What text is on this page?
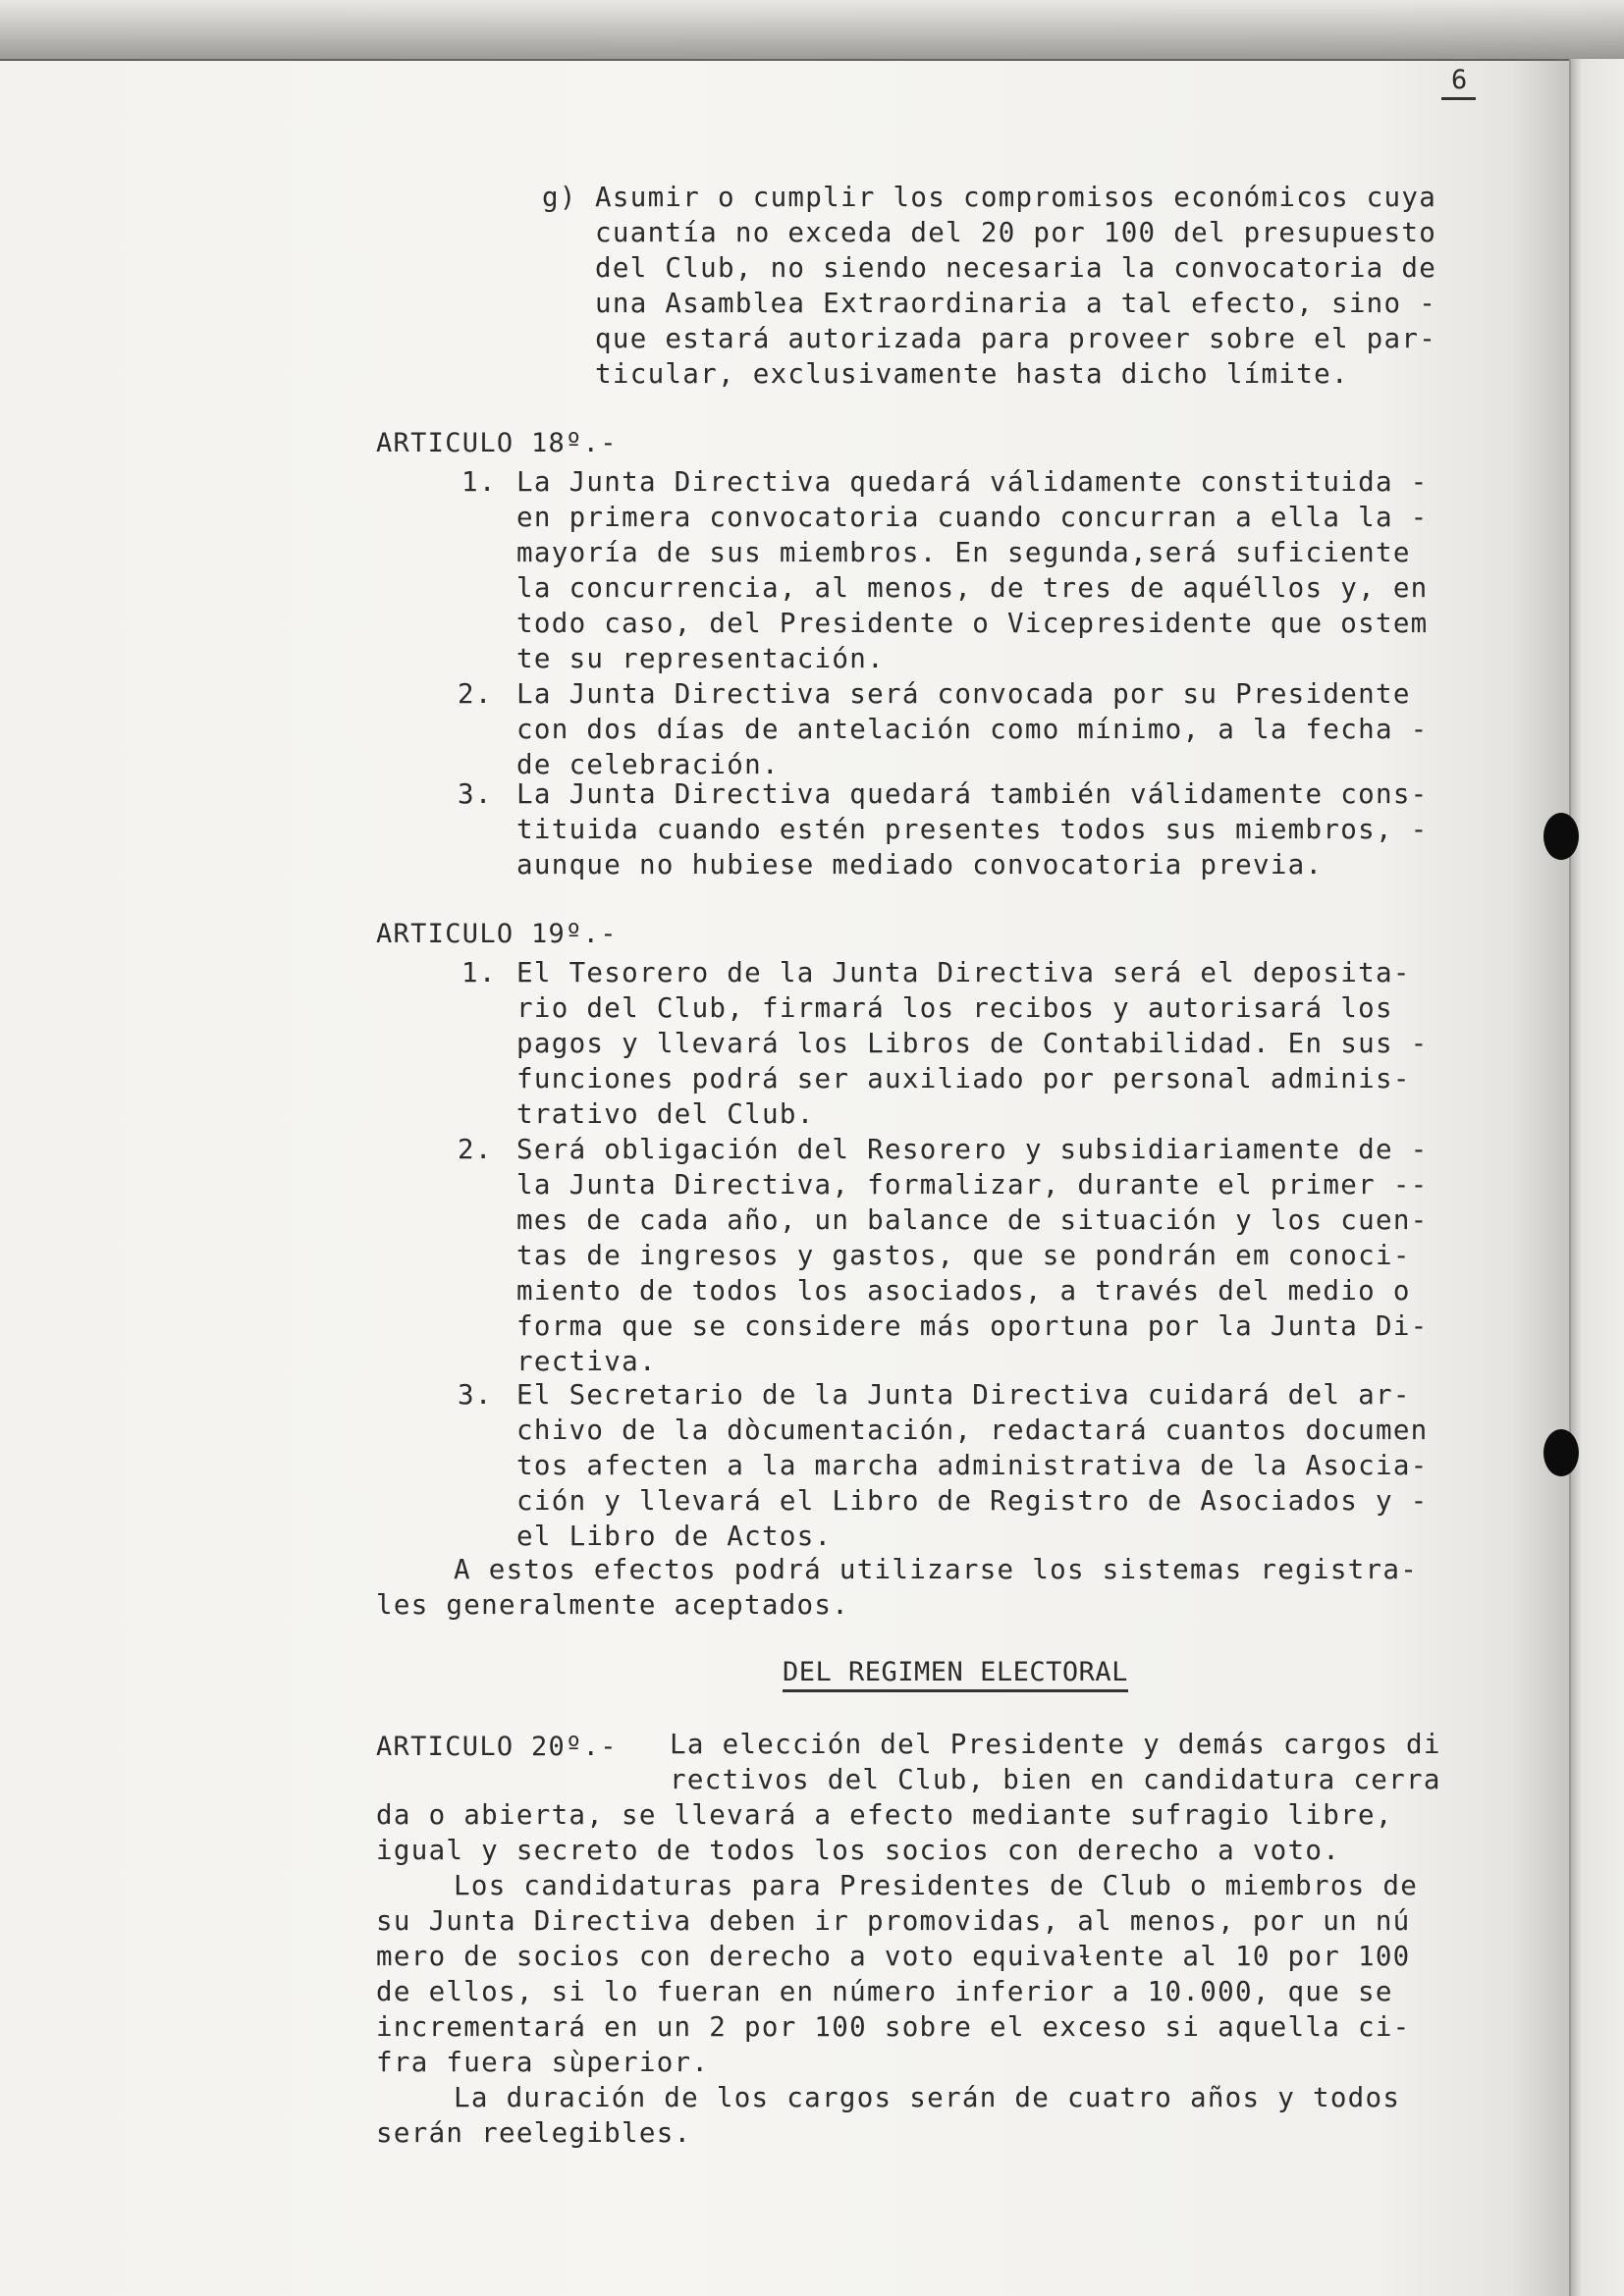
6
g) Asumir o cumplir los compromisos económicos cuya
cuantía no exceda del 20 por 100 del presupuesto
del Club, no siendo necesaria la convocatoria de
una Asamblea Extraordinaria a tal efecto, sino -
que estará autorizada para proveer sobre el par-
ticular, exclusivamente hasta dicho límite.
ARTICULO 18º.-
1. La Junta Directiva quedará válidamente constituida -
en primera convocatoria cuando concurran a ella la -
mayoría de sus miembros. En segunda,será suficiente
la concurrencia, al menos, de tres de aquéllos y, en
todo caso, del Presidente o Vicepresidente que ostem
te su representación.
2. La Junta Directiva será convocada por su Presidente
con dos días de antelación como mínimo, a la fecha -
de celebración.
3. La Junta Directiva quedará también válidamente cons-
tituida cuando estén presentes todos sus miembros, -
aunque no hubiese mediado convocatoria previa.
ARTICULO 19º.-
1. El Tesorero de la Junta Directiva será el deposita-
rio del Club, firmará los recibos y autorisará los
pagos y llevará los Libros de Contabilidad. En sus -
funciones podrá ser auxiliado por personal adminis-
trativo del Club.
2. Será obligación del Resorero y subsidiariamente de -
la Junta Directiva, formalizar, durante el primer --
mes de cada año, un balance de situación y los cuen-
tas de ingresos y gastos, que se pondrán em conoci-
miento de todos los asociados, a través del medio o
forma que se considere más oportuna por la Junta Di-
rectiva.
3. El Secretario de la Junta Directiva cuidará del ar-
chivo de la dòcumentación, redactará cuantos documen
tos afecten a la marcha administrativa de la Asocia-
ción y llevará el Libro de Registro de Asociados y -
el Libro de Actos.
A estos efectos podrá utilizarse los sistemas registra-
les generalmente aceptados.
DEL REGIMEN ELECTORAL
ARTICULO 20º.- La elección del Presidente y demás cargos di
rectivos del Club, bien en candidatura cerra
da o abierta, se llevará a efecto mediante sufragio libre,
igual y secreto de todos los socios con derecho a voto.
Los candidaturas para Presidentes de Club o miembros de
su Junta Directiva deben ir promovidas, al menos, por un nú
mero de socios con derecho a voto equivaƚente al 10 por 100
de ellos, si lo fueran en número inferior a 10.000, que se
incrementará en un 2 por 100 sobre el exceso si aquella ci-
fra fuera sùperior.
La duración de los cargos serán de cuatro años y todos
serán reelegibles.
